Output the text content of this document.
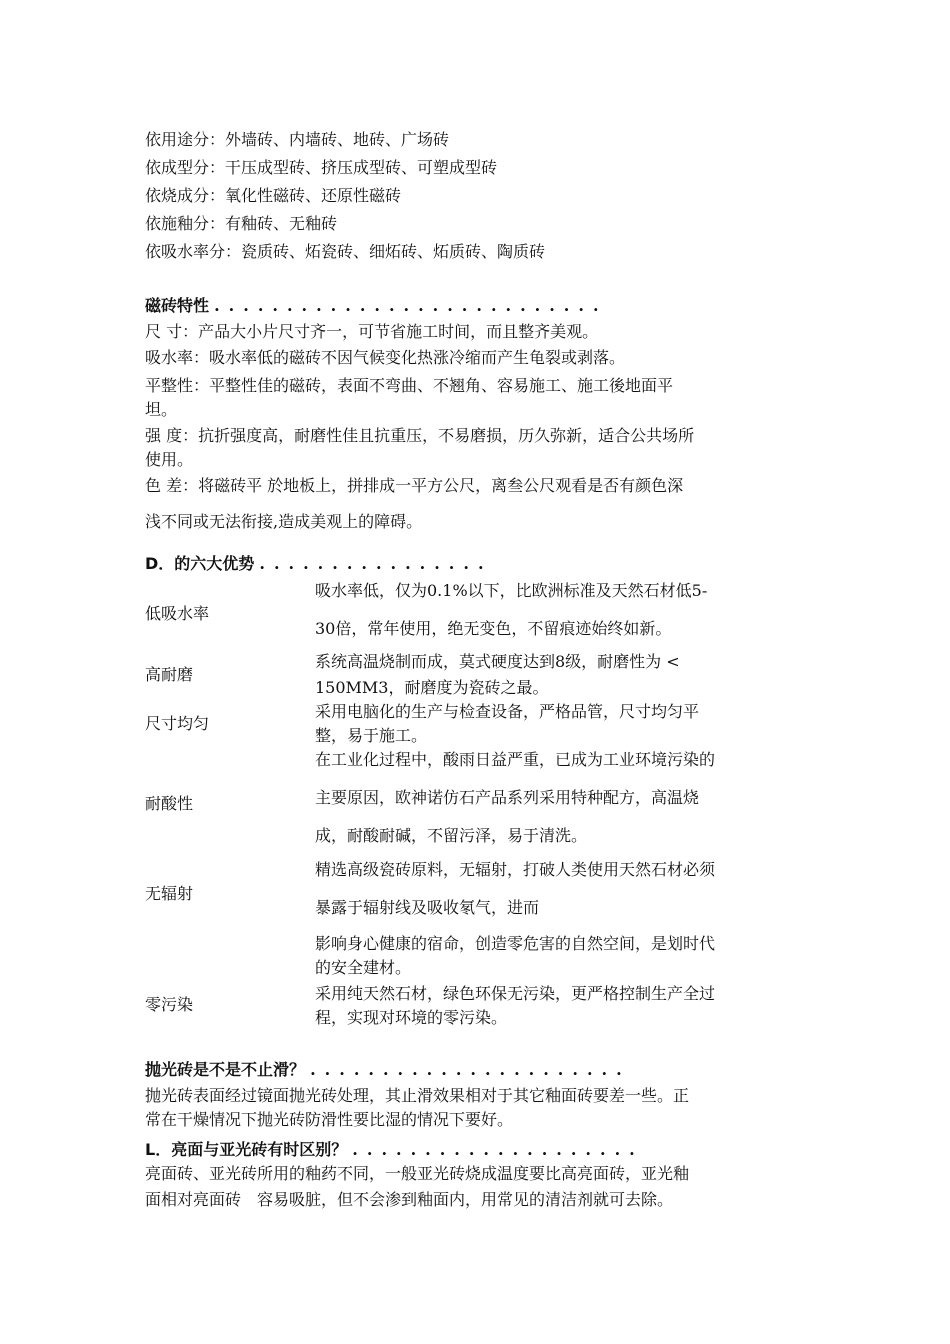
依用途分：外墙砖、内墙砖、地砖、广场砖
依成型分：干压成型砖、挤压成型砖、可塑成型砖
依烧成分：氧化性磁砖、还原性磁砖
依施釉分：有釉砖、无釉砖
依吸水率分：瓷质砖、炻瓷砖、细炻砖、炻质砖、陶质砖
磁砖特性 ...........................
尺 寸：产品大小片尺寸齐一，可节省施工时间，而且整齐美观。
吸水率：吸水率低的磁砖不因气候变化热涨冷缩而产生龟裂或剥落。
平整性：平整性佳的磁砖，表面不弯曲、不翘角、容易施工、施工後地面平
坦。
强 度：抗折强度高，耐磨性佳且抗重压，不易磨损，历久弥新，适合公共场所
使用。
色 差：将磁砖平 於地板上，拼排成一平方公尺，离叁公尺观看是否有颜色深
浅不同或无法衔接,造成美观上的障碍。
D．的六大优势 ................
低吸水率
吸水率低，仅为0.1%以下，比欧洲标准及天然石材低5-
30倍，常年使用，绝无变色，不留痕迹始终如新。
高耐磨
系统高温烧制而成，莫式硬度达到8级，耐磨性为 <
150MM3，耐磨度为瓷砖之最。
尺寸均匀
采用电脑化的生产与检查设备，严格品管，尺寸均匀平
整，易于施工。
耐酸性
在工业化过程中，酸雨日益严重，已成为工业环境污染的
主要原因，欧神诺仿石产品系列采用特种配方，高温烧
成，耐酸耐碱，不留污泽，易于清洗。
无辐射
精选高级瓷砖原料，无辐射，打破人类使用天然石材必须
暴露于辐射线及吸收氡气，进而
影响身心健康的宿命，创造零危害的自然空间，是划时代
的安全建材。
零污染
采用纯天然石材，绿色环保无污染，更严格控制生产全过
程，实现对环境的零污染。
抛光砖是不是不止滑？ ......................
抛光砖表面经过镜面抛光砖处理，其止滑效果相对于其它釉面砖要差一些。正
常在干燥情况下抛光砖防滑性要比湿的情况下要好。
L．亮面与亚光砖有时区别？ ....................
亮面砖、亚光砖所用的釉药不同，一般亚光砖烧成温度要比高亮面砖，亚光釉
面相对亮面砖　容易吸脏，但不会渗到釉面内，用常见的清洁剂就可去除。
